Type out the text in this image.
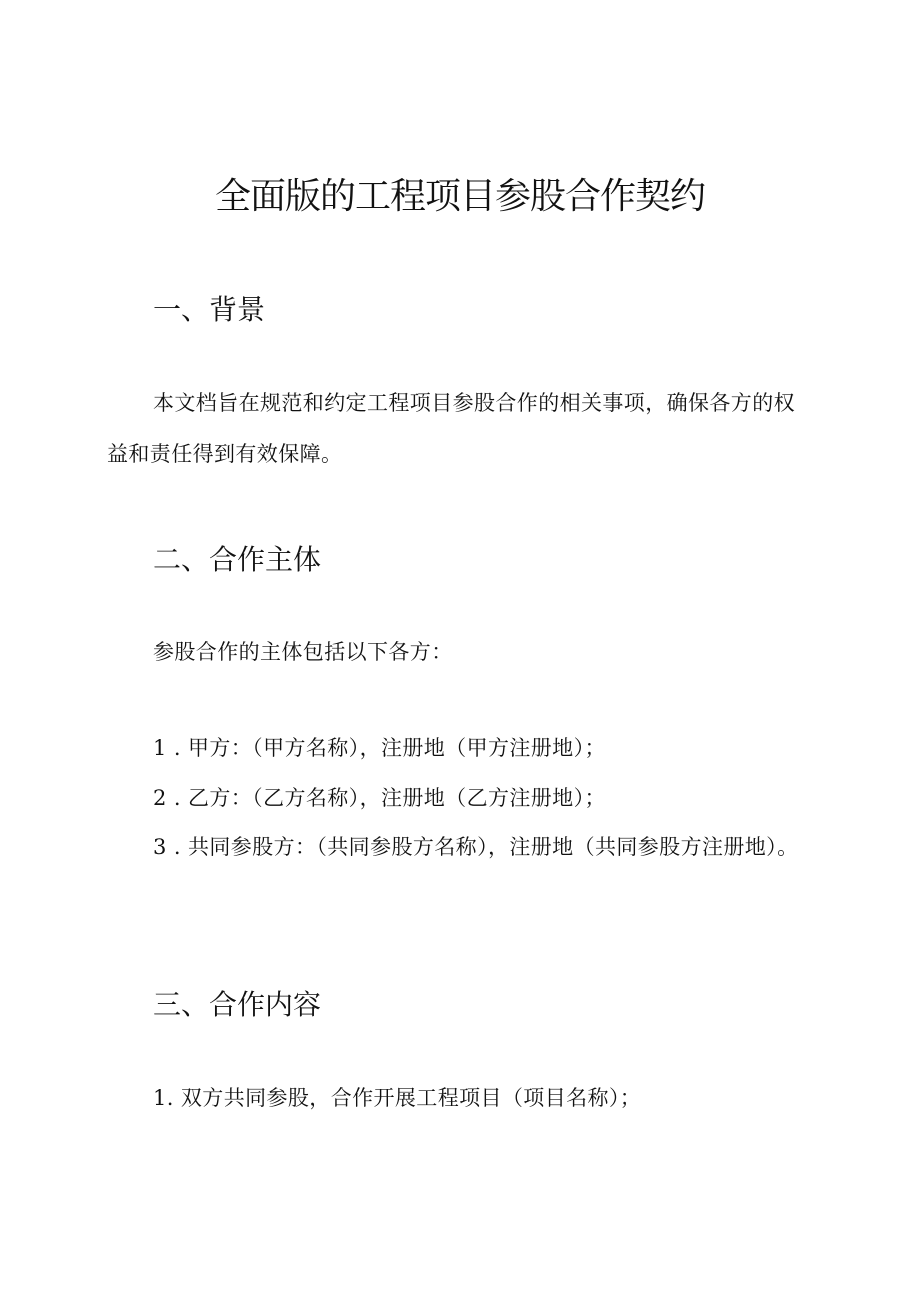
全面版的工程项目参股合作契约
一、背景

本文档旨在规范和约定工程项目参股合作的相关事项，确保各方的权益和责任得到有效保障。

二、合作主体

参股合作的主体包括以下各方：

1 . 甲方：（甲方名称），注册地（甲方注册地）；

2 . 乙方：（乙方名称），注册地（乙方注册地）；

3 . 共同参股方：（共同参股方名称），注册地（共同参股方注册地）。

三、合作内容

1. 双方共同参股，合作开展工程项目（项目名称）；
